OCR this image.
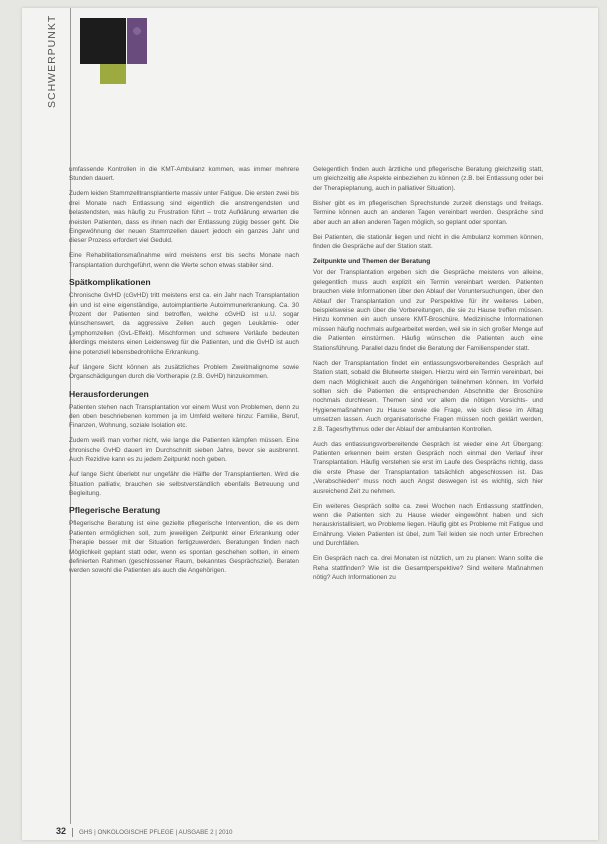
SCHWERPUNKT

umfassende Kontrollen in die KMT-Ambulanz kommen, was immer mehrere Stunden dauert.

Zudem leiden Stammzelltransplantierte massiv unter Fatigue. Die ersten zwei bis drei Monate nach Entlassung sind eigentlich die anstrengendsten und belastendsten, was häufig zu Frustration führt – trotz Aufklärung erwarten die meisten Patienten, dass es ihnen nach der Entlassung zügig besser geht. Die Eingewöhnung der neuen Stammzellen dauert jedoch ein ganzes Jahr und dieser Prozess erfordert viel Geduld.

Eine Rehabilitationsmaßnahme wird meistens erst bis sechs Monate nach Transplantation durchgeführt, wenn die Werte schon etwas stabiler sind.

Spätkomplikationen

Chronische GvHD (cGvHD) tritt meistens erst ca. ein Jahr nach Transplantation ein und ist eine eigenständige, autoimplantierte Autoimmunerkrankung. Ca. 30 Prozent der Patienten sind betroffen, welche cGvHD ist u.U. sogar wünschenswert, da aggressive Zellen auch gegen Leukämie- oder Lymphomzellen (GvL-Effekt). Mischformen und schwere Verläufe bedeuten allerdings meistens einen Leidensweg für die Patienten, und die GvHD ist auch eine potenziell lebensbedrohliche Erkrankung.

Auf längere Sicht können als zusätzliches Problem Zweitmalignome sowie Organschädigungen durch die Vortherapie (z.B. GvHD) hinzukommen.

Herausforderungen

Patienten stehen nach Transplantation vor einem Wust von Problemen, denn zu den oben beschriebenen kommen ja im Umfeld weitere hinzu: Familie, Beruf, Finanzen, Wohnung, soziale Isolation etc.

Zudem weiß man vorher nicht, wie lange die Patienten kämpfen müssen. Eine chronische GvHD dauert im Durchschnitt sieben Jahre, bevor sie ausbrennt. Auch Rezidive kann es zu jedem Zeitpunkt noch geben.

Auf lange Sicht überlebt nur ungefähr die Hälfte der Transplantierten. Wird die Situation palliativ, brauchen sie selbstverständlich ebenfalls Betreuung und Begleitung.

Pflegerische Beratung

Pflegerische Beratung ist eine gezielte pflegerische Intervention, die es dem Patienten ermöglichen soll, zum jeweiligen Zeitpunkt einer Erkrankung oder Therapie besser mit der Situation fertigzuwerden. Beratungen finden nach Möglichkeit geplant statt oder, wenn es spontan geschehen sollten, in einem definierten Rahmen (geschlossener Raum, bekanntes Gesprächsziel). Beraten werden sowohl die Patienten als auch die Angehörigen.

Gelegentlich finden auch ärztliche und pflegerische Beratung gleichzeitig statt, um gleichzeitig alle Aspekte einbeziehen zu können (z.B. bei Entlassung oder bei der Therapieplanung, auch in palliativer Situation).

Bisher gibt es im pflegerischen Sprechstunde zurzeit dienstags und freitags. Termine können auch an anderen Tagen vereinbart werden. Gespräche sind aber auch an allen anderen Tagen möglich, so geplant oder spontan.

Bei Patienten, die stationär liegen und nicht in die Ambulanz kommen können, finden die Gespräche auf der Station statt.

Zeitpunkte und Themen der Beratung

Vor der Transplantation ergeben sich die Gespräche meistens von alleine, gelegentlich muss auch explizit ein Termin vereinbart werden. Patienten brauchen viele Informationen über den Ablauf der Voruntersuchungen, über den Ablauf der Transplantation und zur Perspektive für ihr weiteres Leben, beispielsweise auch über die Vorbereitungen, die sie zu Hause treffen müssen. Hinzu kommen ein auch unsere KMT-Broschüre. Medizinische Informationen müssen häufig nochmals aufgearbeitet werden, weil sie in sich großer Menge auf die Patienten einstürmen. Häufig wünschen die Patienten auch eine Stationsführung. Parallel dazu findet die Beratung der Familienspender statt.

Nach der Transplantation findet ein entlassungsvorbereitendes Gespräch auf Station statt, sobald die Blutwerte steigen. Hierzu wird ein Termin vereinbart, bei dem nach Möglichkeit auch die Angehörigen teilnehmen können. Im Vorfeld sollten sich die Patienten die entsprechenden Abschnitte der Broschüre nochmals durchlesen. Themen sind vor allem die nötigen Vorsichts- und Hygienemaßnahmen zu Hause sowie die Frage, wie sich diese im Alltag umsetzen lassen. Auch organisatorische Fragen müssen noch geklärt werden, z.B. Tagesrhythmus oder der Ablauf der ambulanten Kontrollen.

Auch das entlassungsvorbereitende Gespräch ist wieder eine Art Übergang: Patienten erkennen beim ersten Gespräch noch einmal den Verlauf ihrer Transplantation. Häufig verstehen sie erst im Laufe des Gesprächs richtig, dass die erste Phase der Transplantation tatsächlich abgeschlossen ist. Das „Verabschieden“ muss noch auch Angst deswegen ist es wichtig, sich hier ausreichend Zeit zu nehmen.

Ein weiteres Gespräch sollte ca. zwei Wochen nach Entlassung stattfinden, wenn die Patienten sich zu Hause wieder eingewöhnt haben und sich herauskristallisiert, wo Probleme liegen. Häufig gibt es Probleme mit Fatigue und Ernährung. Vielen Patienten ist übel, zum Teil leiden sie noch unter Erbrechen und Durchfällen.

Ein Gespräch nach ca. drei Monaten ist nützlich, um zu planen: Wann sollte die Reha stattfinden? Wie ist die Gesamtperspektive? Sind weitere Maßnahmen nötig? Auch Informationen zu

32 GHS | ONKOLOGISCHE PFLEGE | AUSGABE 2 | 2010
